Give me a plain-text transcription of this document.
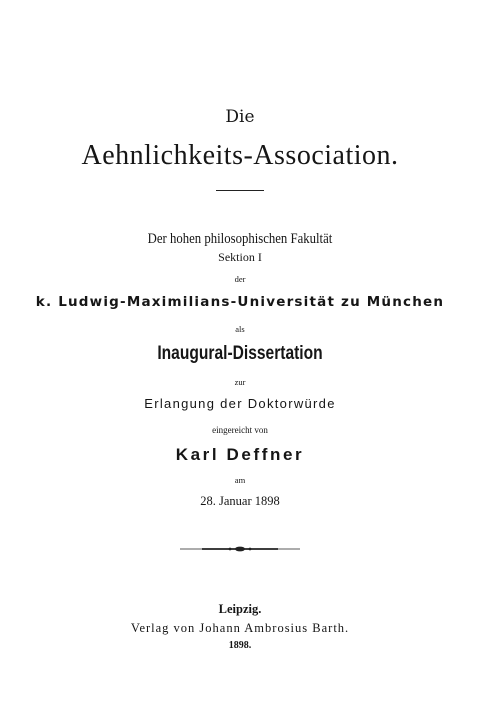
Die
Aehnlichkeits-Association.
Der hohen philosophischen Fakultät
Sektion I
der
k. Ludwig-Maximilians-Universität zu München
als
Inaugural-Dissertation
zur
Erlangung der Doktorwürde
eingereicht von
Karl Deffner
am
28. Januar 1898
Leipzig.
Verlag von Johann Ambrosius Barth.
1898.
